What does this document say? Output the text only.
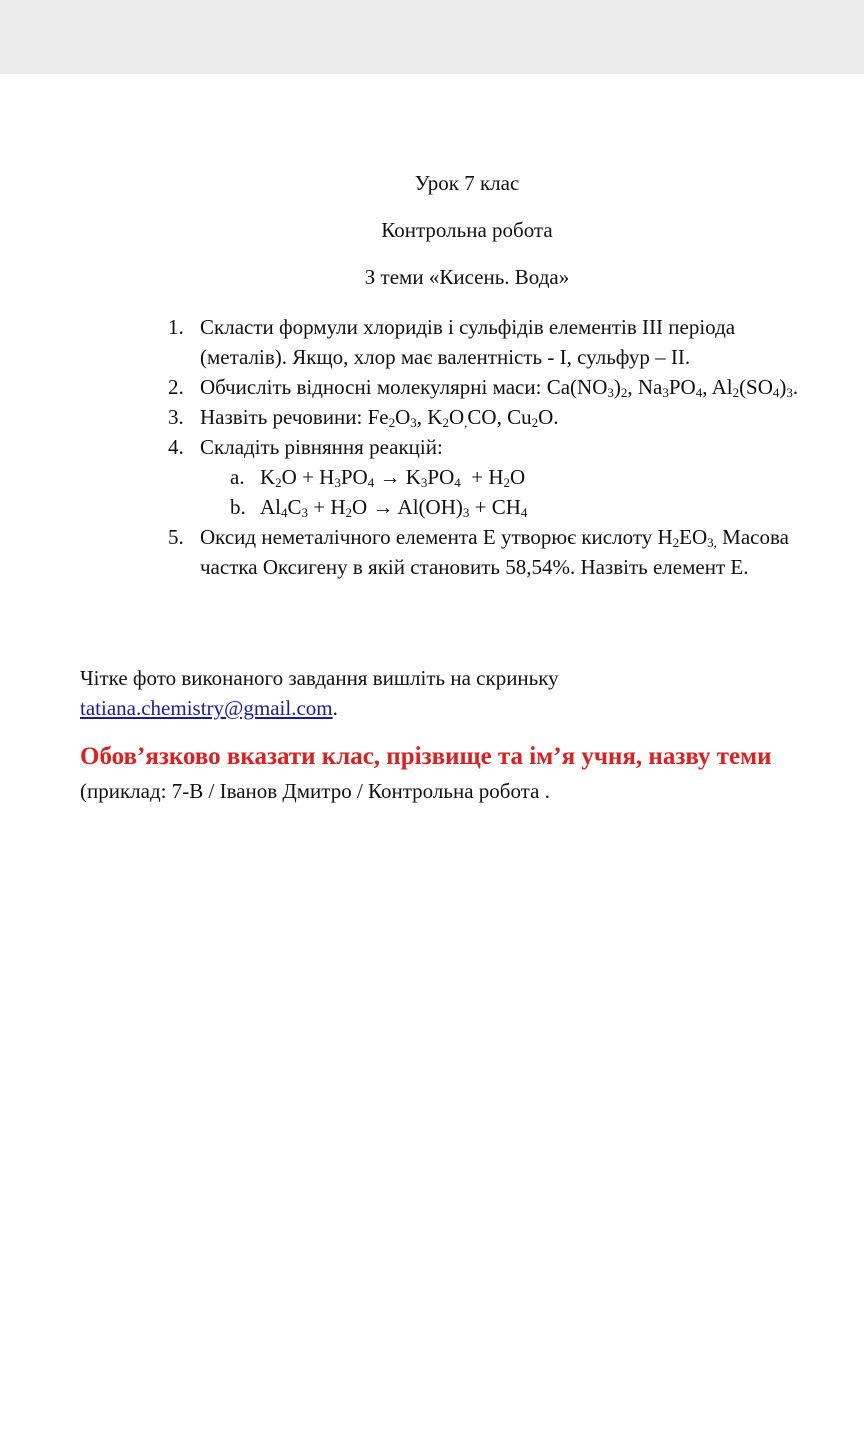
Урок 7 клас
Контрольна робота
З теми «Кисень. Вода»
1. Скласти формули хлоридів і сульфідів елементів ІІІ періода
(металів). Якщо, хлор має валентність - І, сульфур – ІІ.
2. Обчисліть відносні молекулярні маси: $Ca(NO_3)_2$, $Na_3PO_4$, $Al_2(SO_4)_3$.
3. Назвіть речовини: $Fe_2O_3$, $K_2O_,CO$, $Cu_2O$.
4. Складіть рівняння реакцій:
a. $K_2O + H_3PO_4 \to K_3PO_4 + H_2O$
b. $Al_4C_3 + H_2O \to Al(OH)_3 + CH_4$
5. Оксид неметалічного елемента Е утворює кислоту $H_2EO_{3,}$ Масова
частка Оксигену в якій становить 58,54%. Назвіть елемент Е.
Чітке фото виконаного завдання вишліть на скриньку
tatiana.chemistry@gmail.com.
Обов’язково вказати клас, прізвище та ім’я учня, назву теми
(приклад: 7-В / Іванов Дмитро / Контрольна робота .
